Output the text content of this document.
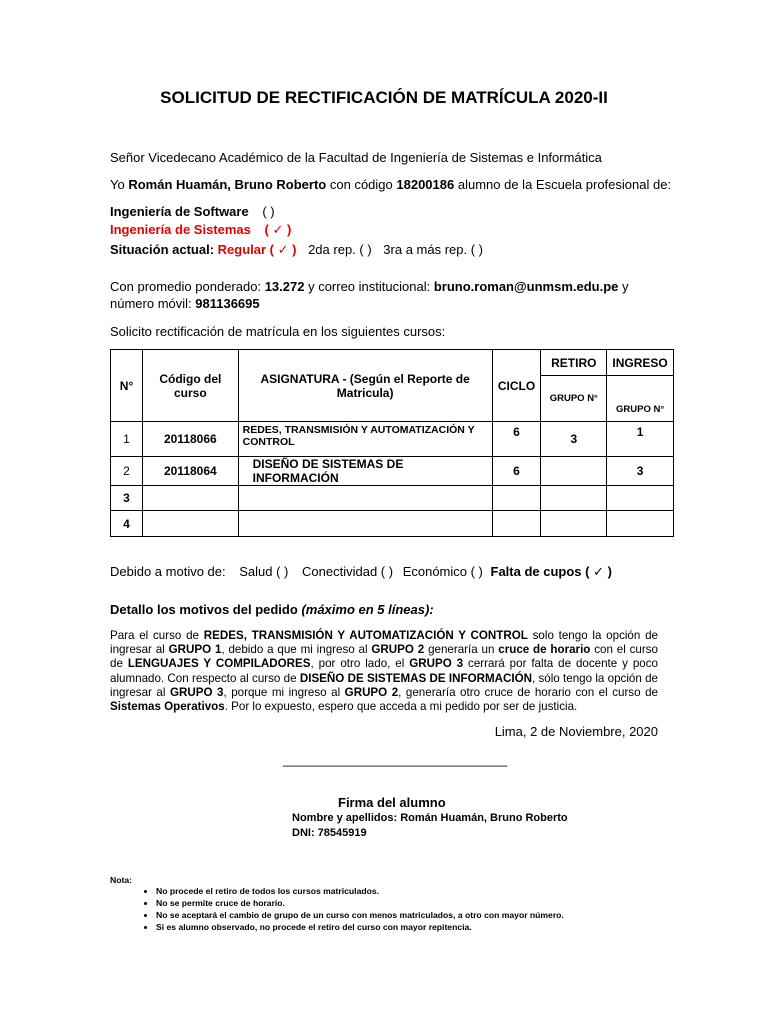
SOLICITUD DE RECTIFICACIÓN DE MATRÍCULA 2020-II
Señor Vicedecano Académico de la Facultad de Ingeniería de Sistemas e Informática
Yo Román Huamán, Bruno Roberto con código 18200186 alumno de la Escuela profesional de:
Ingeniería de Software ( )
Ingeniería de Sistemas ( ✓ )
Situación actual: Regular ( ✓ ) 2da rep. ( ) 3ra a más rep. ( )
Con promedio ponderado: 13.272 y correo institucional: bruno.roman@unmsm.edu.pe y
número móvil: 981136695
Solicito rectificación de matrícula en los siguientes cursos:
N°	Código del curso	ASIGNATURA - (Según el Reporte de Matricula)	CICLO	RETIRO	INGRESO
				GRUPO N°	GRUPO N°
1	20118066	REDES, TRANSMISIÓN Y AUTOMATIZACIÓN Y CONTROL	6	3	1
2	20118064	DISEÑO DE SISTEMAS DE INFORMACIÓN	6		3
3					
4					
Debido a motivo de: Salud ( ) Conectividad ( ) Económico ( ) Falta de cupos ( ✓ )
Detallo los motivos del pedido (máximo en 5 líneas):
Para el curso de REDES, TRANSMISIÓN Y AUTOMATIZACIÓN Y CONTROL solo tengo la opción de ingresar al GRUPO 1, debido a que mi ingreso al GRUPO 2 generaría un cruce de horario con el curso de LENGUAJES Y COMPILADORES, por otro lado, el GRUPO 3 cerrará por falta de docente y poco alumnado. Con respecto al curso de DISEÑO DE SISTEMAS DE INFORMACIÓN, sólo tengo la opción de ingresar al GRUPO 3, porque mi ingreso al GRUPO 2, generaría otro cruce de horario con el curso de Sistemas Operativos. Por lo expuesto, espero que acceda a mi pedido por ser de justicia.
Lima, 2 de Noviembre, 2020
_______________________________
Firma del alumno
Nombre y apellidos: Román Huamán, Bruno Roberto
DNI: 78545919
Nota:
• No procede el retiro de todos los cursos matriculados.
• No se permite cruce de horario.
• No se aceptará el cambio de grupo de un curso con menos matriculados, a otro con mayor número.
• Si es alumno observado, no procede el retiro del curso con mayor repitencia.
